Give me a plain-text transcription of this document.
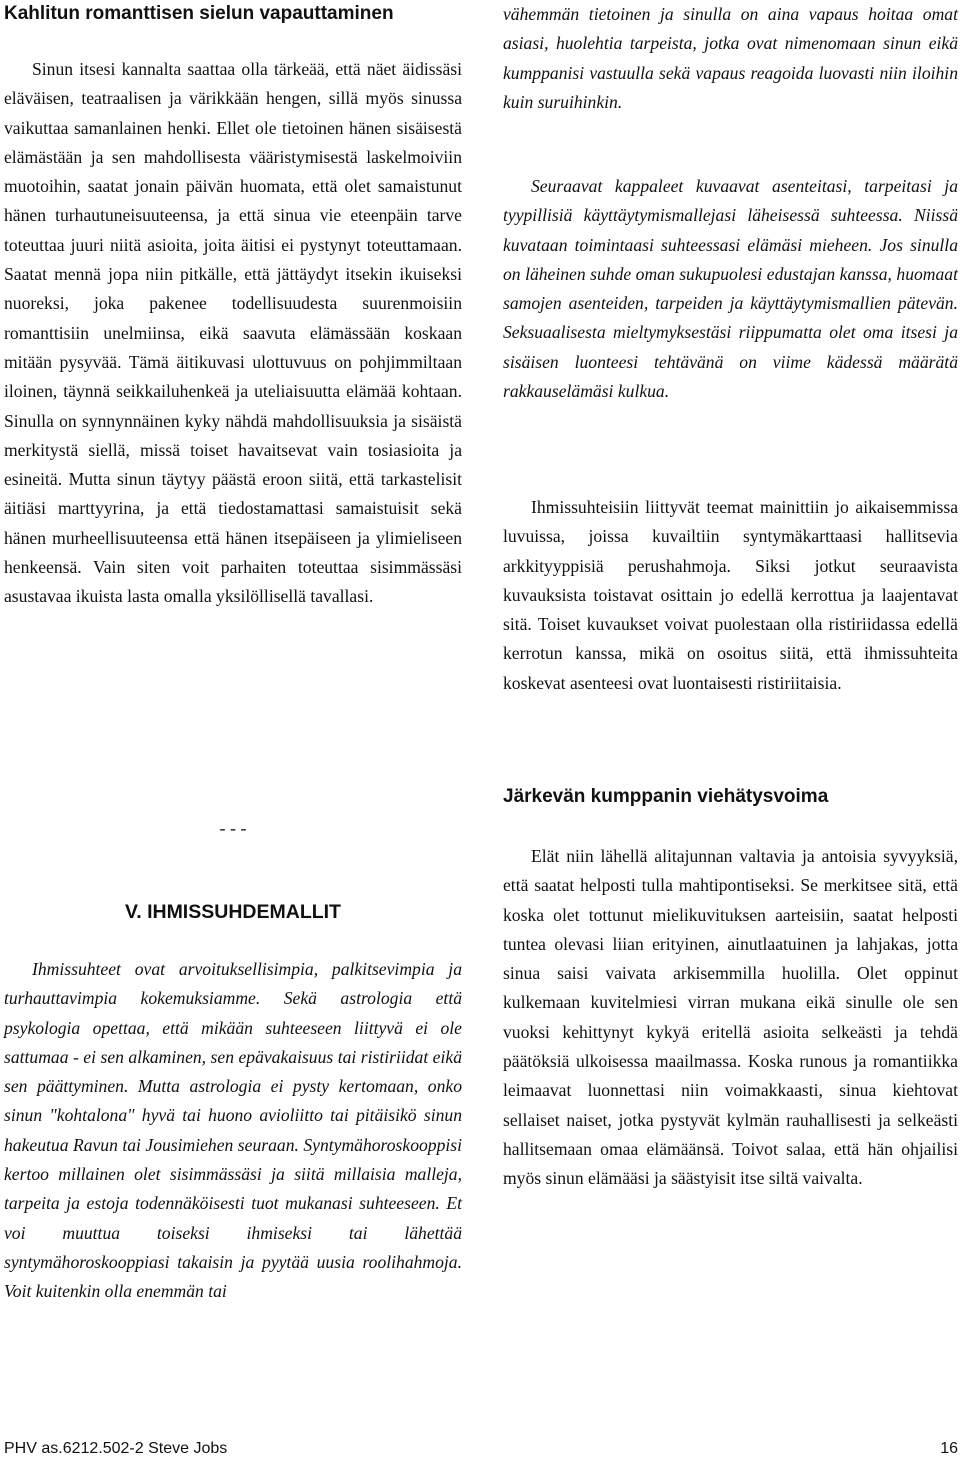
Kahlitun romanttisen sielun vapauttaminen

Sinun itsesi kannalta saattaa olla tärkeää, että näet äidissäsi eläväisen, teatraalisen ja värikkään hengen, sillä myös sinussa vaikuttaa samanlainen henki. Ellet ole tietoinen hänen sisäisestä elämästään ja sen mahdollisesta vääristymisestä laskelmoiviin muotoihin, saatat jonain päivän huomata, että olet samaistunut hänen turhautuneisuuteensa, ja että sinua vie eteenpäin tarve toteuttaa juuri niitä asioita, joita äitisi ei pystynyt toteuttamaan. Saatat mennä jopa niin pitkälle, että jättäydyt itsekin ikuiseksi nuoreksi, joka pakenee todellisuudesta suurenmoisiin romanttisiin unelmiinsa, eikä saavuta elämässään koskaan mitään pysyvää. Tämä äitikuvasi ulottuvuus on pohjimmiltaan iloinen, täynnä seikkailuhenkeä ja uteliaisuutta elämää kohtaan. Sinulla on synnynnäinen kyky nähdä mahdollisuuksia ja sisäistä merkitystä siellä, missä toiset havaitsevat vain tosiasioita ja esineitä. Mutta sinun täytyy päästä eroon siitä, että tarkastelisit äitiäsi marttyyrina, ja että tiedostamattasi samaistuisit sekä hänen murheellisuuteensa että hänen itsepäiseen ja ylimieliseen henkeensä. Vain siten voit parhaiten toteuttaa sisimmässäsi asustavaa ikuista lasta omalla yksilöllisellä tavallasi.

- - -
V. IHMISSUHDEMALLIT

Ihmissuhteet ovat arvoituksellisimpia, palkitsevimpia ja turhauttavimpia kokemuksiamme. Sekä astrologia että psykologia opettaa, että mikään suhteeseen liittyvä ei ole sattumaa - ei sen alkaminen, sen epävakaisuus tai ristiriidat eikä sen päättyminen. Mutta astrologia ei pysty kertomaan, onko sinun "kohtalona" hyvä tai huono avioliitto tai pitäisikö sinun hakeutua Ravun tai Jousimiehen seuraan. Syntymähoroskooppisi kertoo millainen olet sisimmässäsi ja siitä millaisia malleja, tarpeita ja estoja todennäköisesti tuot mukanasi suhteeseen. Et voi muuttua toiseksi ihmiseksi tai lähettää syntymähoroskooppiasi takaisin ja pyytää uusia roolihahmoja. Voit kuitenkin olla enemmän tai

vähemmän tietoinen ja sinulla on aina vapaus hoitaa omat asiasi, huolehtia tarpeista, jotka ovat nimenomaan sinun eikä kumppanisi vastuulla sekä vapaus reagoida luovasti niin iloihin kuin suruihinkin.

Seuraavat kappaleet kuvaavat asenteitasi, tarpeitasi ja tyypillisiä käyttäytymismallejasi läheisessä suhteessa. Niissä kuvataan toimintaasi suhteessasi elämäsi mieheen. Jos sinulla on läheinen suhde oman sukupuolesi edustajan kanssa, huomaat samojen asenteiden, tarpeiden ja käyttäytymismallien pätevän. Seksuaalisesta mieltymyksestäsi riippumatta olet oma itsesi ja sisäisen luonteesi tehtävänä on viime kädessä määrätä rakkauselämäsi kulkua.

Ihmissuhteisiin liittyvät teemat mainittiin jo aikaisemmissa luvuissa, joissa kuvailtiin syntymäkarttaasi hallitsevia arkkityyppisiä perushahmoja. Siksi jotkut seuraavista kuvauksista toistavat osittain jo edellä kerrottua ja laajentavat sitä. Toiset kuvaukset voivat puolestaan olla ristiriidassa edellä kerrotun kanssa, mikä on osoitus siitä, että ihmissuhteita koskevat asenteesi ovat luontaisesti ristiriitaisia.

Järkevän kumppanin viehätysvoima

Elät niin lähellä alitajunnan valtavia ja antoisia syvyyksiä, että saatat helposti tulla mahtipontiseksi. Se merkitsee sitä, että koska olet tottunut mielikuvituksen aarteisiin, saatat helposti tuntea olevasi liian erityinen, ainutlaatuinen ja lahjakas, jotta sinua saisi vaivata arkisemmilla huolilla. Olet oppinut kulkemaan kuvitelmiesi virran mukana eikä sinulle ole sen vuoksi kehittynyt kykyä eritellä asioita selkeästi ja tehdä päätöksiä ulkoisessa maailmassa. Koska runous ja romantiikka leimaavat luonnettasi niin voimakkaasti, sinua kiehtovat sellaiset naiset, jotka pystyvät kylmän rauhallisesti ja selkeästi hallitsemaan omaa elämäänsä. Toivot salaa, että hän ohjailisi myös sinun elämääsi ja säästyisit itse siltä vaivalta.

PHV as.6212.502-2 Steve Jobs	16
